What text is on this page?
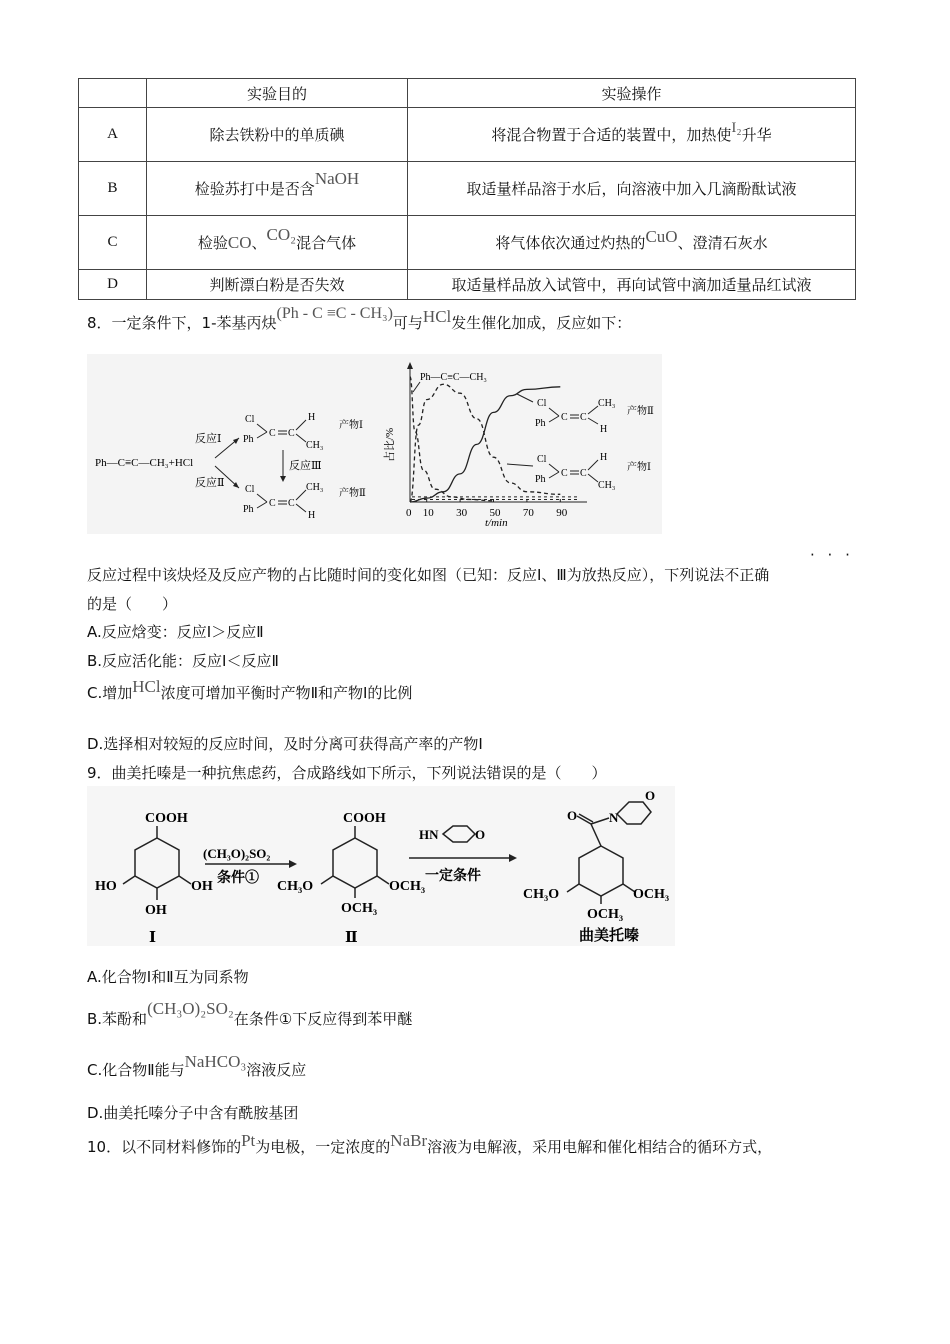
	实验目的	实验操作
A	除去铁粉中的单质碘	将混合物置于合适的装置中，加热使I₂升华
B	检验苏打中是否含NaOH	取适量样品溶于水后，向溶液中加入几滴酚酞试液
C	检验CO、CO₂混合气体	将气体依次通过灼热的CuO、澄清石灰水
D	判断漂白粉是否失效	取适量样品放入试管中，再向试管中滴加适量品红试液
8．一定条件下，1-苯基丙炔(Ph - C ≡C - CH₃)可与HCl发生催化加成，反应如下：
Ph—C≡C—CH₃+HCl
反应Ⅰ
反应Ⅱ
Cl
Ph
C C
H
CH₃
产物Ⅰ
反应Ⅲ
Cl
Ph
C C
CH₃
H
产物Ⅱ
占比/%
t/min
Ph—C≡C—CH₃
Cl
Ph
C C
CH₃
H
产物Ⅱ
Cl
Ph
C C
H
CH₃
产物Ⅰ
0 10 30 50 70 90
· · ·
反应过程中该炔烃及反应产物的占比随时间的变化如图（已知：反应Ⅰ、Ⅲ为放热反应），下列说法不正确
的是（　　）
A.反应焓变：反应Ⅰ＞反应Ⅱ
B.反应活化能：反应Ⅰ＜反应Ⅱ
C.增加HCl浓度可增加平衡时产物Ⅱ和产物Ⅰ的比例
D.选择相对较短的反应时间，及时分离可获得高产率的产物Ⅰ
9．曲美托嗪是一种抗焦虑药，合成路线如下所示，下列说法错误的是（　　）
COOH
HO	OH
OH
Ⅰ
(CH₃O)₂SO₂
条件①
COOH
CH₃O	OCH₃
OCH₃
Ⅱ
HN	O
一定条件
O N
O
CH₃O	OCH₃
OCH₃
曲美托嗪
A.化合物Ⅰ和Ⅱ互为同系物
B.苯酚和(CH₃O)₂SO₂在条件①下反应得到苯甲醚
C.化合物Ⅱ能与NaHCO₃溶液反应
D.曲美托嗪分子中含有酰胺基团
10．以不同材料修饰的Pt为电极，一定浓度的NaBr溶液为电解液，采用电解和催化相结合的循环方式，
